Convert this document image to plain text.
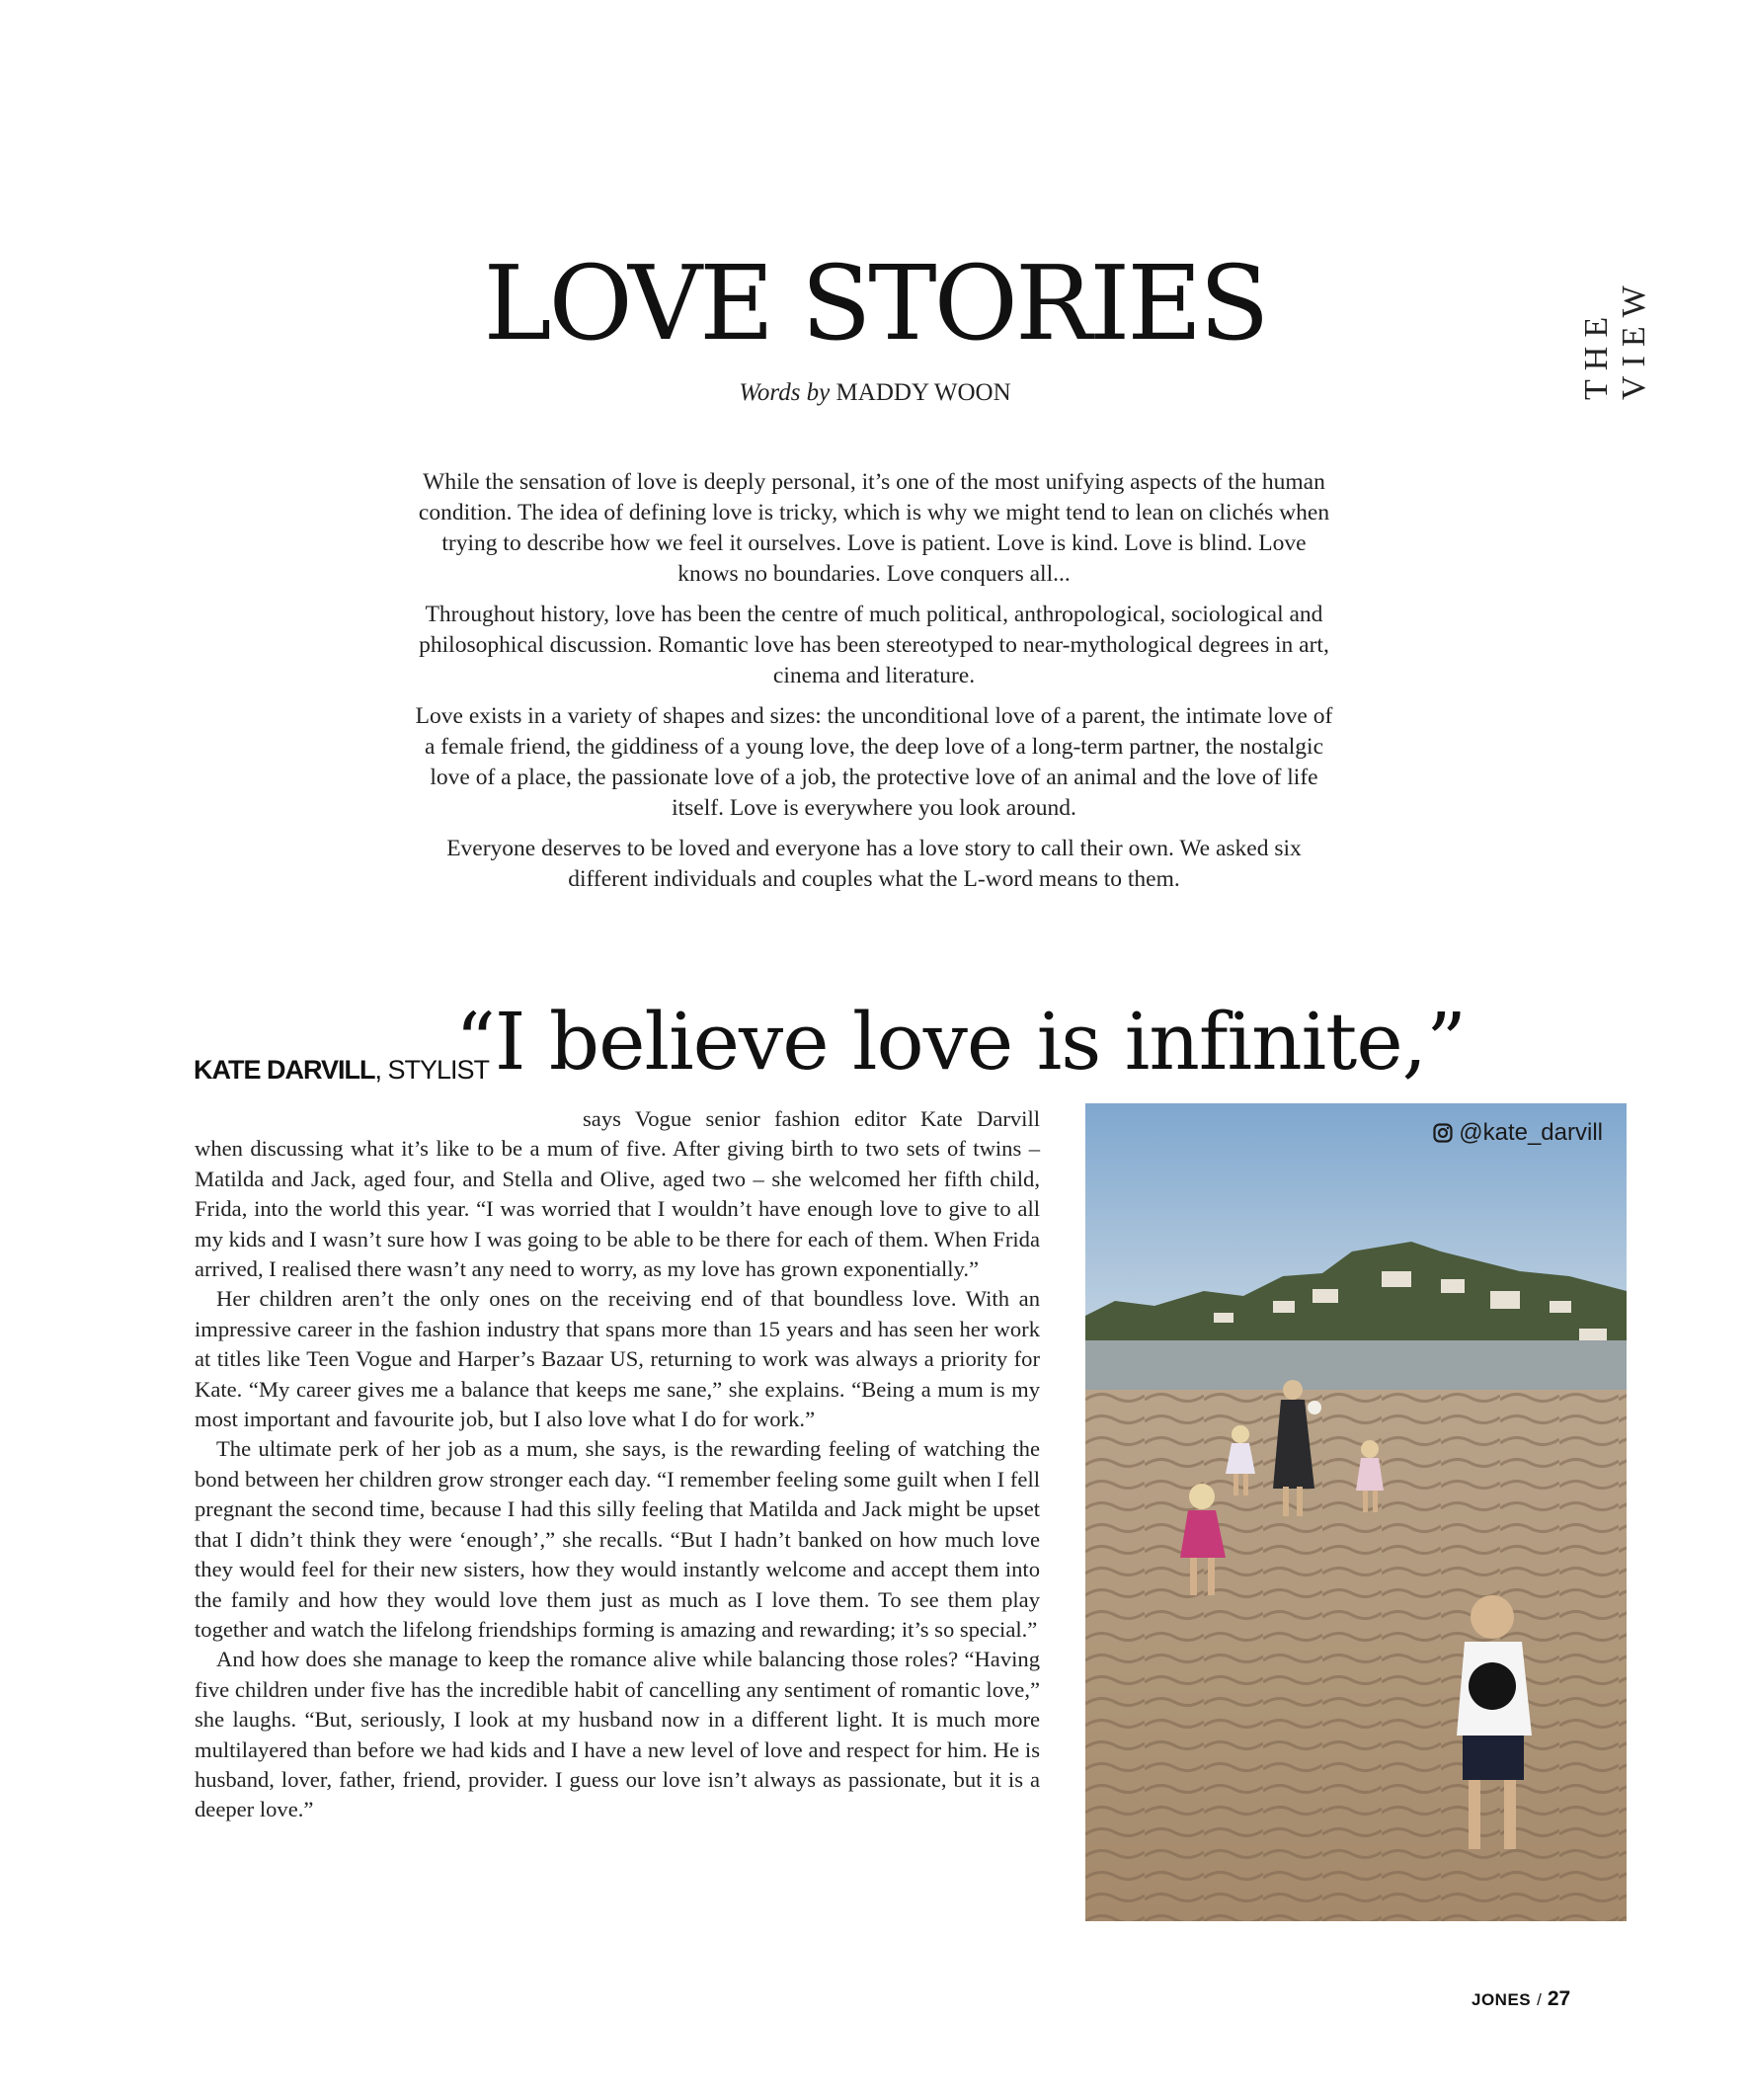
THE VIEW
LOVE STORIES
Words by MADDY WOON

While the sensation of love is deeply personal, it’s one of the most unifying aspects of the human condition. The idea of defining love is tricky, which is why we might tend to lean on clichés when trying to describe how we feel it ourselves. Love is patient. Love is kind. Love is blind. Love knows no boundaries. Love conquers all...

Throughout history, love has been the centre of much political, anthropological, sociological and philosophical discussion. Romantic love has been stereotyped to near-mythological degrees in art, cinema and literature.

Love exists in a variety of shapes and sizes: the unconditional love of a parent, the intimate love of a female friend, the giddiness of a young love, the deep love of a long-term partner, the nostalgic love of a place, the passionate love of a job, the protective love of an animal and the love of life itself. Love is everywhere you look around.

Everyone deserves to be loved and everyone has a love story to call their own. We asked six different individuals and couples what the L-word means to them.

KATE DARVILL, STYLIST
“I believe love is infinite,”

says Vogue senior fashion editor Kate Darvill when discussing what it’s like to be a mum of five. After giving birth to two sets of twins – Matilda and Jack, aged four, and Stella and Olive, aged two – she welcomed her fifth child, Frida, into the world this year. “I was worried that I wouldn’t have enough love to give to all my kids and I wasn’t sure how I was going to be able to be there for each of them. When Frida arrived, I realised there wasn’t any need to worry, as my love has grown exponentially.”

Her children aren’t the only ones on the receiving end of that boundless love. With an impressive career in the fashion industry that spans more than 15 years and has seen her work at titles like Teen Vogue and Harper’s Bazaar US, returning to work was always a priority for Kate. “My career gives me a balance that keeps me sane,” she explains. “Being a mum is my most important and favourite job, but I also love what I do for work.”

The ultimate perk of her job as a mum, she says, is the rewarding feeling of watching the bond between her children grow stronger each day. “I remember feeling some guilt when I fell pregnant the second time, because I had this silly feeling that Matilda and Jack might be upset that I didn’t think they were ‘enough’,” she recalls. “But I hadn’t banked on how much love they would feel for their new sisters, how they would instantly welcome and accept them into the family and how they would love them just as much as I love them. To see them play together and watch the lifelong friendships forming is amazing and rewarding; it’s so special.”

And how does she manage to keep the romance alive while balancing those roles? “Having five children under five has the incredible habit of cancelling any sentiment of romantic love,” she laughs. “But, seriously, I look at my husband now in a different light. It is much more multilayered than before we had kids and I have a new level of love and respect for him. He is husband, lover, father, friend, provider. I guess our love isn’t always as passionate, but it is a deeper love.”

@kate_darvill
JONES / 27
